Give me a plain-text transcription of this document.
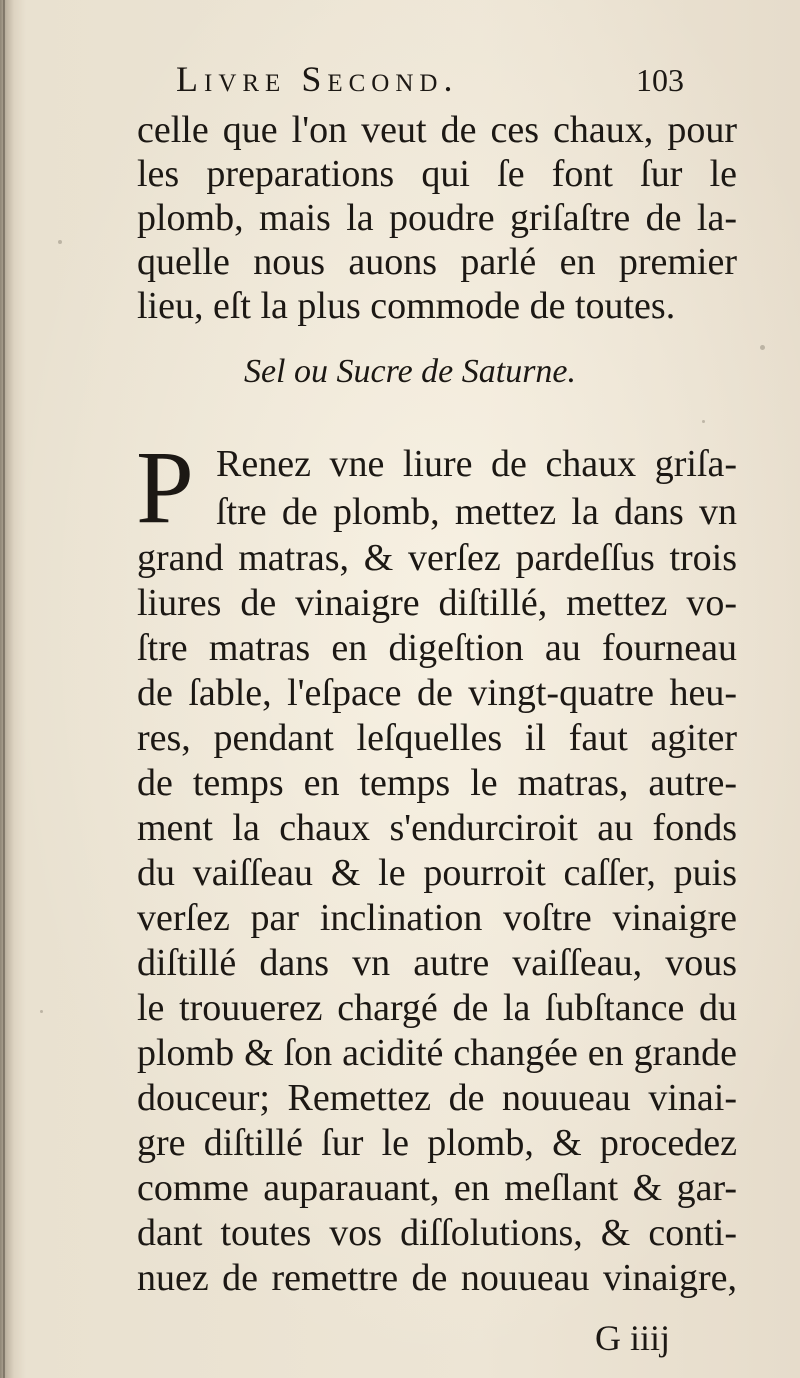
Livre Second.	103
celle que l'on veut de ces chaux, pour
les preparations qui ſe font ſur le
plomb, mais la poudre griſaſtre de la-
quelle nous auons parlé en premier
lieu, eſt la plus commode de toutes.
Sel ou Sucre de Saturne.
P Renez vne liure de chaux griſa-
ſtre de plomb, mettez la dans vn
grand matras, & verſez pardeſſus trois
liures de vinaigre diſtillé, mettez vo-
ſtre matras en digeſtion au fourneau
de ſable, l'eſpace de vingt-quatre heu-
res, pendant leſquelles il faut agiter
de temps en temps le matras, autre-
ment la chaux s'endurciroit au fonds
du vaiſſeau & le pourroit caſſer, puis
verſez par inclination voſtre vinaigre
diſtillé dans vn autre vaiſſeau, vous
le trouuerez chargé de la ſubſtance du
plomb & ſon acidité changée en grande
douceur; Remettez de nouueau vinai-
gre diſtillé ſur le plomb, & procedez
comme auparauant, en meſlant & gar-
dant toutes vos diſſolutions, & conti-
nuez de remettre de nouueau vinaigre,
G iiij
